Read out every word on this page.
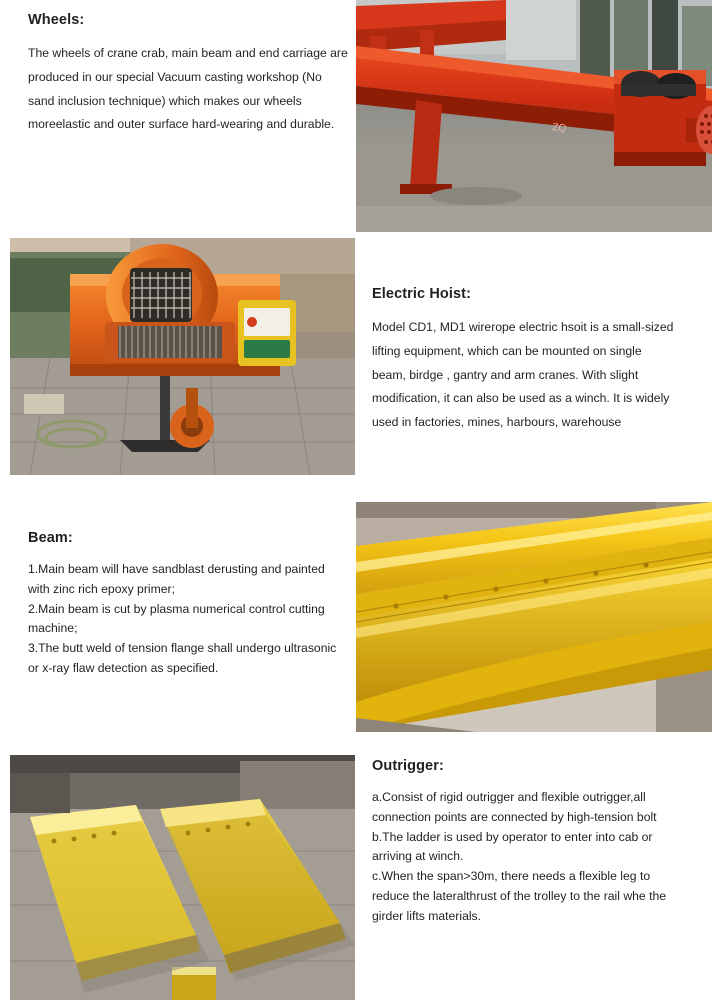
Wheels:

The wheels of crane crab, main beam and end carriage are produced in our special Vacuum casting workshop (No sand inclusion technique) which makes our wheels moreelastic and outer surface hard-wearing and durable.	ZQ
Electric Hoist:

Model CD1, MD1 wirerope electric hsoit is a small-sized lifting equipment, which can be mounted on single beam, birdge , gantry and arm cranes. With slight modification, it can also be used as a winch. It is widely used in factories, mines, harbours, warehouse

Beam:

1.Main beam will have sandblast derusting and painted
with zinc rich epoxy primer;
2.Main beam is cut by plasma numerical control cutting
machine;
3.The butt weld of tension flange shall undergo ultrasonic
or x-ray flaw detection as specified.

Outrigger:

a.Consist of rigid outrigger and flexible outrigger,all
connection points are connected by high-tension bolt
b.The ladder is used by operator to enter into cab or
arriving at winch.
c.When the span>30m, there needs a flexible leg to
reduce the lateralthrust of the trolley to the rail whe the
girder lifts materials.
